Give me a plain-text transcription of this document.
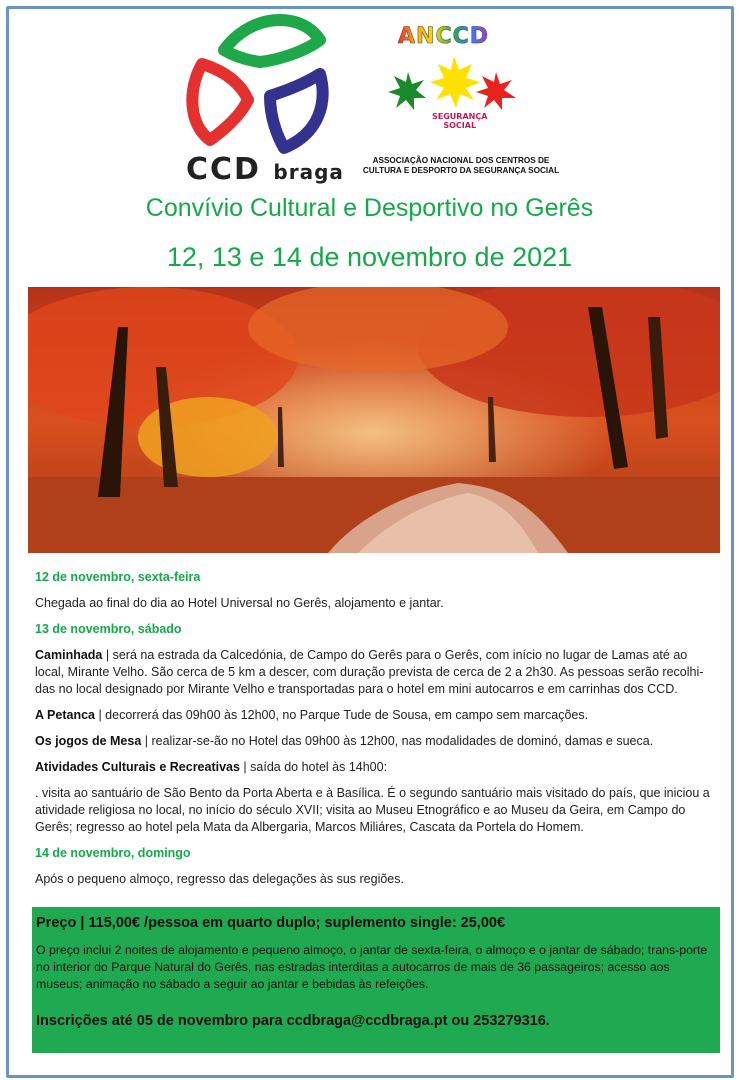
CCD braga
ANCCD
SEGURANÇA
SOCIAL
ASSOCIAÇÃO NACIONAL DOS CENTROS DE
CULTURA E DESPORTO DA SEGURANÇA SOCIAL
Convívio Cultural e Desportivo no Gerês
12, 13 e 14 de novembro de 2021

12 de novembro, sexta-feira

Chegada ao final do dia ao Hotel Universal no Gerês, alojamento e jantar.

13 de novembro, sábado

Caminhada | será na estrada da Calcedónia, de Campo do Gerês para o Gerês, com início no lugar de Lamas até ao local, Mirante Velho. São cerca de 5 km a descer, com duração prevista de cerca de 2 a 2h30. As pessoas serão recolhi-das no local designado por Mirante Velho e transportadas para o hotel em mini autocarros e em carrinhas dos CCD.

A Petanca | decorrerá das 09h00 às 12h00, no Parque Tude de Sousa, em campo sem marcações.

Os jogos de Mesa | realizar-se-ão no Hotel das 09h00 às 12h00, nas modalidades de dominó, damas e sueca.

Atividades Culturais e Recreativas | saída do hotel às 14h00:

. visita ao santuário de São Bento da Porta Aberta e à Basílica. É o segundo santuário mais visitado do país, que iniciou a atividade religiosa no local, no início do século XVII; visita ao Museu Etnográfico e ao Museu da Geira, em Campo do Gerês; regresso ao hotel pela Mata da Albergaria, Marcos Miliáres, Cascata da Portela do Homem.

14 de novembro, domingo

Após o pequeno almoço, regresso das delegações às sus regiões.

Preço | 115,00€ /pessoa em quarto duplo; suplemento single: 25,00€
O preço inclui 2 noites de alojamento e pequeno almoço, o jantar de sexta-feira, o almoço e o jantar de sábado; trans-porte no interior do Parque Natural do Gerês, nas estradas interditas a autocarros de mais de 36 passageiros; acesso aos museus; animação no sábado a seguir ao jantar e bebidas às refeições.
Inscrições até 05 de novembro para ccdbraga@ccdbraga.pt ou 253279316.
